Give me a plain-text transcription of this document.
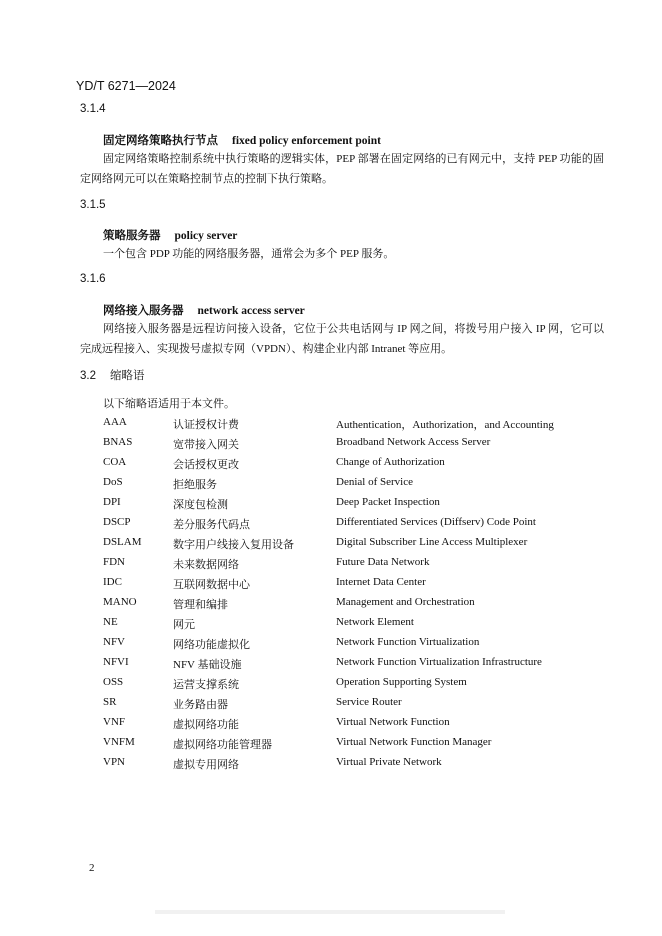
YD/T 6271—2024
3.1.4
固定网络策略执行节点 fixed policy enforcement point
固定网络策略控制系统中执行策略的逻辑实体，PEP 部署在固定网络的已有网元中，支持 PEP 功能的固定网络网元可以在策略控制节点的控制下执行策略。
3.1.5
策略服务器 policy server
一个包含 PDP 功能的网络服务器，通常会为多个 PEP 服务。
3.1.6
网络接入服务器 network access server
网络接入服务器是远程访问接入设备，它位于公共电话网与 IP 网之间，将拨号用户接入 IP 网，它可以完成远程接入、实现拨号虚拟专网（VPDN）、构建企业内部 Intranet 等应用。
3.2 缩略语
以下缩略语适用于本文件。
AAA	认证授权计费	Authentication，Authorization，and Accounting
BNAS	宽带接入网关	Broadband Network Access Server
COA	会话授权更改	Change of Authorization
DoS	拒绝服务	Denial of Service
DPI	深度包检测	Deep Packet Inspection
DSCP	差分服务代码点	Differentiated Services (Diffserv) Code Point
DSLAM	数字用户线接入复用设备	Digital Subscriber Line Access Multiplexer
FDN	未来数据网络	Future Data Network
IDC	互联网数据中心	Internet Data Center
MANO	管理和编排	Management and Orchestration
NE	网元	Network Element
NFV	网络功能虚拟化	Network Function Virtualization
NFVI	NFV 基础设施	Network Function Virtualization Infrastructure
OSS	运营支撑系统	Operation Supporting System
SR	业务路由器	Service Router
VNF	虚拟网络功能	Virtual Network Function
VNFM	虚拟网络功能管理器	Virtual Network Function Manager
VPN	虚拟专用网络	Virtual Private Network
2
